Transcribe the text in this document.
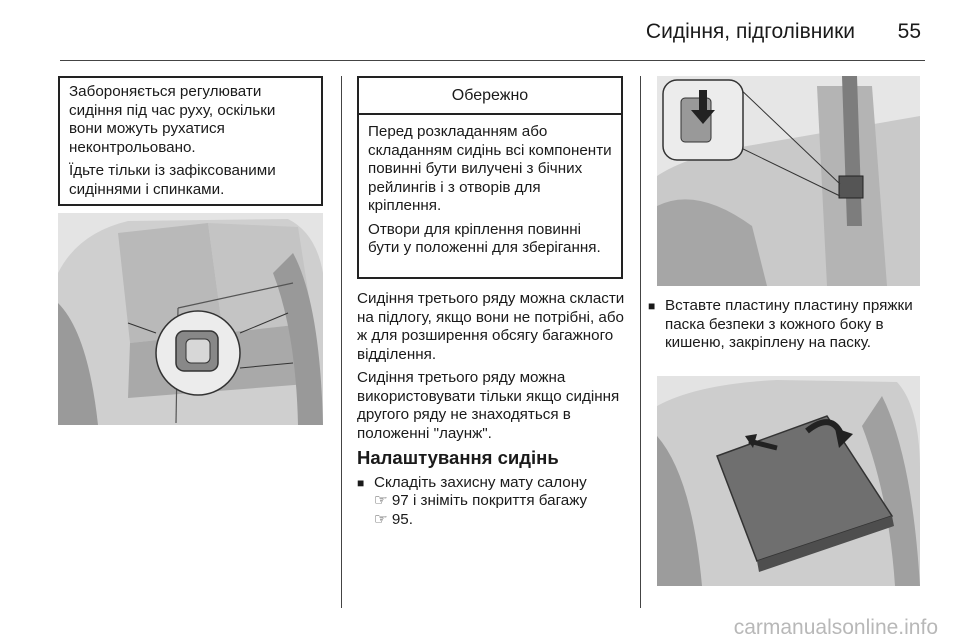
Сидіння, підголівники 55

Забороняється регулювати сидіння під час руху, оскільки вони можуть рухатися неконтрольовано.

Їдьте тільки із зафіксованими сидіннями і спинками.

Обережно

Перед розкладанням або складанням сидінь всі компоненти повинні бути вилучені з бічних рейлингів і з отворів для кріплення.

Отвори для кріплення повинні бути у положенні для зберігання.

Сидіння третього ряду можна скласти на підлогу, якщо вони не потрібні, або ж для розширення обсягу багажного відділення.

Сидіння третього ряду можна використовувати тільки якщо сидіння другого ряду не знаходяться в положенні "лаунж".

Налаштування сидінь
■ Складіть захисну мату салону
☞ 97 і зніміть покриття багажу
☞ 95.
■ Вставте пластину пластину пряжки паска безпеки з кожного боку в кишеню, закріплену на паску.
carmanualsonline.info
